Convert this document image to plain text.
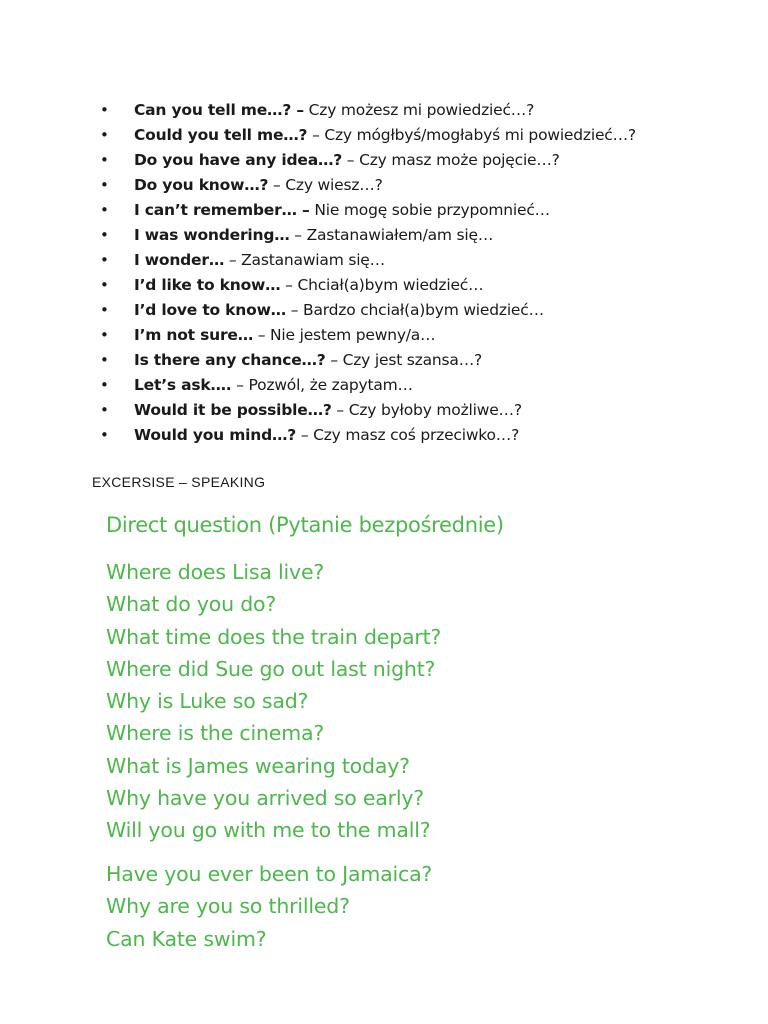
• Can you tell me…? – Czy możesz mi powiedzieć…?
• Could you tell me…? – Czy mógłbyś/mogłabyś mi powiedzieć…?
• Do you have any idea…? – Czy masz może pojęcie…?
• Do you know…? – Czy wiesz…?
• I can’t remember… – Nie mogę sobie przypomnieć…
• I was wondering… – Zastanawiałem/am się…
• I wonder… – Zastanawiam się…
• I’d like to know… – Chciał(a)bym wiedzieć…
• I’d love to know… – Bardzo chciał(a)bym wiedzieć…
• I’m not sure… – Nie jestem pewny/a…
• Is there any chance…? – Czy jest szansa…?
• Let’s ask…. – Pozwól, że zapytam…
• Would it be possible…? – Czy byłoby możliwe…?
• Would you mind…? – Czy masz coś przeciwko…?
EXCERSISE – SPEAKING
Direct question (Pytanie bezpośrednie)
Where does Lisa live?
What do you do?
What time does the train depart?
Where did Sue go out last night?
Why is Luke so sad?
Where is the cinema?
What is James wearing today?
Why have you arrived so early?
Will you go with me to the mall?
Have you ever been to Jamaica?
Why are you so thrilled?
Can Kate swim?
